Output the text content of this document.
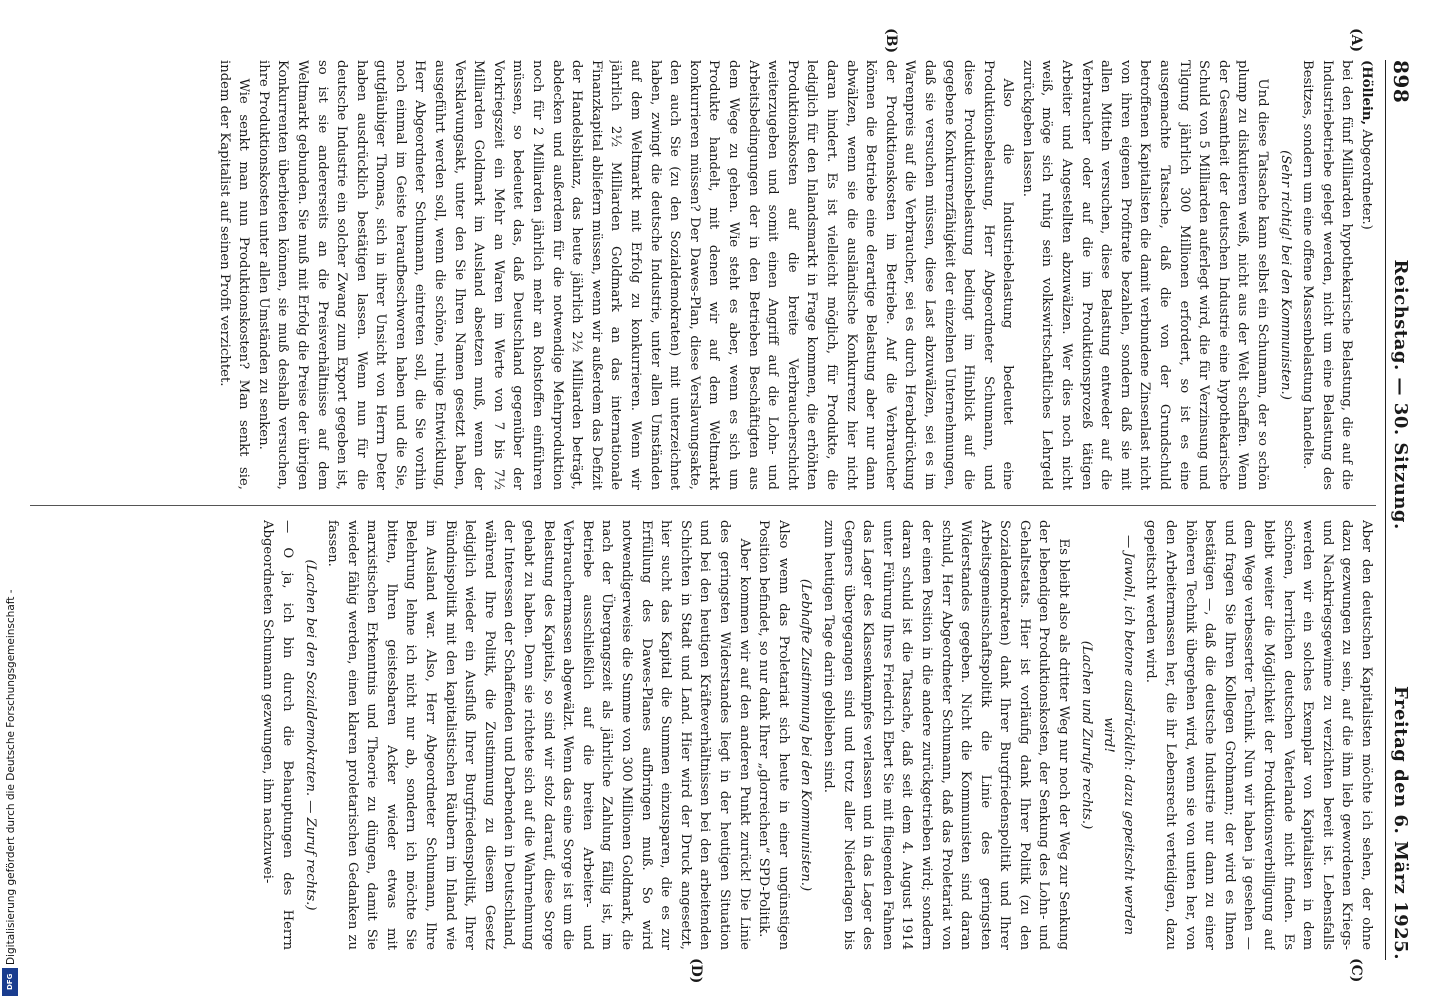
898
Reichstag. — 30. Sitzung.
Freitag den 6. März 1925.
(A)
(B)
(C)
(D)

(Höllein, Abgeordneter.)

bei den fünf Milliarden hypothekarische Belastung, die auf die Industriebetriebe gelegt werden, nicht um eine Belastung des Besitzes, sondern um eine offene Massenbelastung handelte.

(Sehr richtig! bei den Kommunisten.)

Und diese Tatsache kann selbst ein Schumann, der so schön plump zu diskutieren weiß, nicht aus der Welt schaffen. Wenn der Gesamtheit der deutschen Industrie eine hypothekarische Schuld von 5 Milliarden auferlegt wird, die für Verzinsung und Tilgung jährlich 300 Millionen erfordert, so ist es eine ausgemachte Tatsache, daß die von der Grundschuld betroffenen Kapitalisten die damit verbundene Zinsenlast nicht von ihren eigenen Profitrate bezahlen, sondern daß sie mit allen Mitteln versuchen, diese Belastung entweder auf die Verbraucher oder auf die im Produktionsprozeß tätigen Arbeiter und Angestellten abzuwälzen. Wer dies noch nicht weiß, möge sich ruhig sein volkswirtschaftliches Lehrgeld zurückgeben lassen.

Also die Industriebelastung bedeutet eine Produktionsbelastung, Herr Abgeordneter Schumann, und diese Produktionsbelastung bedingt im Hinblick auf die gegebene Konkurrenzfähigkeit der einzelnen Unternehmungen, daß sie versuchen müssen, diese Last abzuwälzen, sei es im Warenpreis auf die Verbraucher, sei es durch Herabdrückung der Produktionskosten im Betriebe. Auf die Verbraucher können die Betriebe eine derartige Belastung aber nur dann abwälzen, wenn sie die ausländische Konkurrenz hier nicht daran hindert. Es ist vielleicht möglich, für Produkte, die lediglich für den Inlandsmarkt in Frage kommen, die erhöhten Produktionskosten auf die breite Verbraucherschicht weiterzugeben und somit einen Angriff auf die Lohn- und Arbeitsbedingungen der in den Betrieben Beschäftigten aus dem Wege zu gehen. Wie steht es aber, wenn es sich um Produkte handelt, mit denen wir auf dem Weltmarkt konkurrieren müssen? Der Dawes-Plan, diese Verslavungsakte, den auch Sie (zu den Sozialdemokraten) mit unterzeichnet haben, zwingt die deutsche Industrie, unter allen Umständen auf dem Weltmarkt mit Erfolg zu konkurrieren. Wenn wir jährlich 2½ Milliarden Goldmark an das internationale Finanzkapital abliefern müssen, wenn wir außerdem das Defizit der Handelsbilanz, das heute jährlich 2½ Milliarden beträgt, abdecken und außerdem für die notwendige Mehrproduktion noch für 2 Milliarden jährlich mehr an Rohstoffen einführen müssen, so bedeutet das, daß Deutschland gegenüber der Vorkriegszeit ein Mehr an Waren im Werte von 7 bis 7½ Milliarden Goldmark im Ausland absetzen muß, wenn der Versklavungsakt, unter den Sie Ihren Namen gesetzt haben, ausgeführt werden soll, wenn die schöne, ruhige Entwicklung, Herr Abgeordneter Schumann, eintreten soll, die Sie vorhin noch einmal im Geiste heraufbeschworen haben und die Sie, gutgläubiger Thomas, sich in ihrer Unsicht von Herrn Deter haben ausdrücklich bestätigen lassen. Wenn nun für die deutsche Industrie ein solcher Zwang zum Export gegeben ist, so ist sie andererseits an die Preisverhältnisse auf dem Weltmarkt gebunden. Sie muß mit Erfolg die Preise der übrigen Konkurrenten überbieten können, sie muß deshalb versuchen, ihre Produktionskosten unter allen Umständen zu senken.

Wie senkt man nun Produktionskosten? Man senkt sie, indem der Kapitalist auf seinen Profit verzichtet.

Aber den deutschen Kapitalisten möchte ich sehen, der ohne dazu gezwungen zu sein, auf die ihm lieb gewordenen Kriegs- und Nachkriegsgewinne zu verzichten bereit ist. Lebensfalls werden wir ein solches Exemplar von Kapitalisten in dem schönen, herrlichen deutschen Vaterlande nicht finden. Es bleibt weiter die Möglichkeit der Produktionsverbilligung auf dem Wege verbesserter Technik. Nun wir haben ja gesehen — und fragen Sie Ihren Kollegen Grohmann; der wird es Ihnen bestätigen —, daß die deutsche Industrie nur dann zu einer höheren Technik übergehen wird, wenn sie von unten her, von den Arbeitermassen her, die ihr Lebensrecht verteidigen, dazu gepeitscht werden wird.

— Jawohl, ich betone ausdrücklich: dazu gepeitscht werden wird!

(Lachen und Zurufe rechts.)

Es bleibt also als dritter Weg nur noch der Weg zur Senkung der lebendigen Produktionskosten, der Senkung des Lohn- und Gehaltsetats. Hier ist vorläufig dank Ihrer Politik (zu den Sozialdemokraten) dank Ihrer Burgfriedenspolitik und Ihrer Arbeitsgemeinschaftspolitik die Linie des geringsten Widerstandes gegeben. Nicht die Kommunisten sind daran schuld, Herr Abgeordneter Schumann, daß das Proletariat von der einen Position in die andere zurückgetrieben wird; sondern daran schuld ist die Tatsache, daß seit dem 4. August 1914 unter Führung Ihres Friedrich Ebert Sie mit fliegenden Fahnen das Lager des Klassenkampfes verlassen und in das Lager des Gegners übergegangen sind und trotz aller Niederlagen bis zum heutigen Tage darin geblieben sind.

(Lebhafte Zustimmung bei den Kommunisten.)

Also wenn das Proletariat sich heute in einer ungünstigen Position befindet, so nur dank Ihrer „glorreichen“ SPD-Politik.

Aber kommen wir auf den anderen Punkt zurück! Die Linie des geringsten Widerstandes liegt in der heutigen Situation und bei den heutigen Kräfteverhältnissen bei den arbeitenden Schichten in Stadt und Land. Hier wird der Druck angesetzt, hier sucht das Kapital die Summen einzusparen, die es zur Erfüllung des Dawes-Planes aufbringen muß. So wird notwendigerweise die Summe von 300 Millionen Goldmark, die nach der Übergangszeit als jährliche Zahlung fällig ist, im Betriebe ausschließlich auf die breiten Arbeiter- und Verbrauchermassen abgewälzt. Wenn das eine Sorge ist um die Belastung des Kapitals, so sind wir stolz darauf, diese Sorge gehabt zu haben. Denn sie richtete sich auf die Wahrnehmung der Interessen der Schaffenden und Darbenden in Deutschland, während Ihre Politik, die Zustimmung zu diesem Gesetz lediglich wieder ein Ausfluß Ihrer Burgfriedenspolitik, Ihrer Bündnispolitik mit den kapitalistischen Räubern im Inland wie im Ausland war. Also, Herr Abgeordneter Schumann, Ihre Belehrung lehne ich nicht nur ab, sondern ich möchte Sie bitten, Ihren geistesbaren Acker wieder etwas mit marxistischen Erkenntnis und Theorie zu düngen, damit Sie wieder fähig werden, einen klaren proletarischen Gedanken zu fassen.

(Lachen bei den Sozialdemokraten. — Zuruf rechts.)

— O ja, ich bin durch die Behauptungen des Herrn Abgeordneten Schumann gezwungen, ihm nachzuwei-

Digitalisierung gefördert durch die Deutsche Forschungsgemeinschaft -
DFG
